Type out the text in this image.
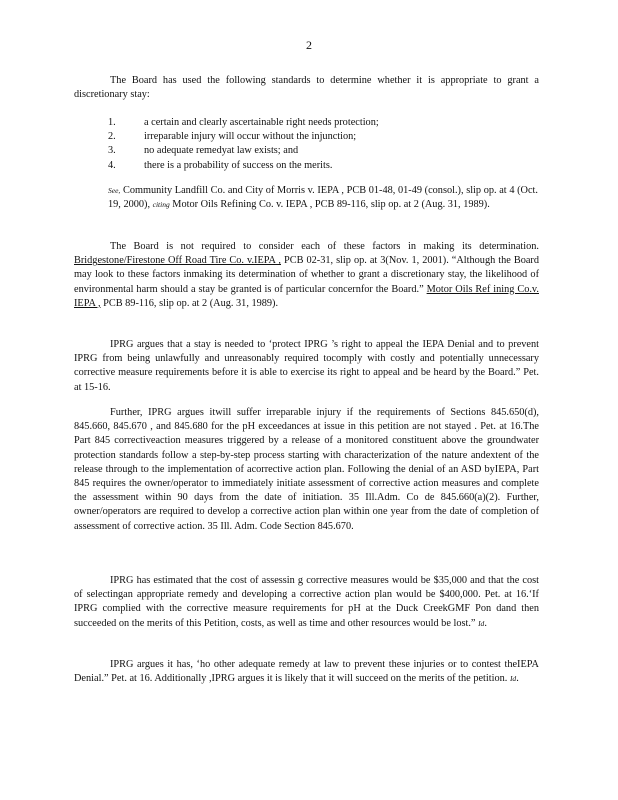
2

The Board has used the following standards to determine whether it is appropriate to grant a discretionary stay:

1.	a certain and clearly ascertainable right needs protection;
2.	irreparable injury will occur without the injunction;
3.	no adequate remedyat law exists; and
4.	there is a probability of success on the merits.

See, Community Landfill Co. and City of Morris v. IEPA , PCB 01-48, 01-49 (consol.), slip op. at 4 (Oct. 19, 2000), citing Motor Oils Refining Co. v. IEPA , PCB 89-116, slip op. at 2 (Aug. 31, 1989).

The Board is not required to consider each of these factors in making its determination. Bridgestone/Firestone Off Road Tire Co. v.IEPA , PCB 02-31, slip op. at 3(Nov. 1, 2001). “Although the Board may look to these factors inmaking its determination of whether to grant a discretionary stay, the likelihood of environmental harm should a stay be granted is of particular concernfor the Board.” Motor Oils Ref ining Co.v. IEPA , PCB 89-116, slip op. at 2 (Aug. 31, 1989).

IPRG argues that a stay is needed to ‘protect IPRG ’s right to appeal the IEPA Denial and to prevent IPRG from being unlawfully and unreasonably required tocomply with costly and potentially unnecessary corrective measure requirements before it is able to exercise its right to appeal and be heard by the Board.” Pet. at 15-16.

Further, IPRG argues itwill suffer irreparable injury if the requirements of Sections 845.650(d), 845.660, 845.670 , and 845.680 for the pH exceedances at issue in this petition are not stayed . Pet. at 16.The Part 845 correctiveaction measures triggered by a release of a monitored constituent above the groundwater protection standards follow a step-by-step process starting with characterization of the nature andextent of the release through to the implementation of acorrective action plan. Following the denial of an ASD byIEPA, Part 845 requires the owner/operator to immediately initiate assessment of corrective action measures and complete the assessment within 90 days from the date of initiation. 35 Ill.Adm. Co de 845.660(a)(2). Further, owner/operators are required to develop a corrective action plan within one year from the date of completion of assessment of corrective action. 35 Ill. Adm. Code Section 845.670.

IPRG has estimated that the cost of assessin g corrective measures would be $35,000 and that the cost of selectingan appropriate remedy and developing a corrective action plan would be $400,000. Pet. at 16.‘If IPRG complied with the corrective measure requirements for pH at the Duck CreekGMF Pon dand then succeeded on the merits of this Petition, costs, as well as time and other resources would be lost.” Id.

IPRG argues it has, ‘ho other adequate remedy at law to prevent these injuries or to contest theIEPA Denial.” Pet. at 16. Additionally ,IPRG argues it is likely that it will succeed on the merits of the petition. Id.
